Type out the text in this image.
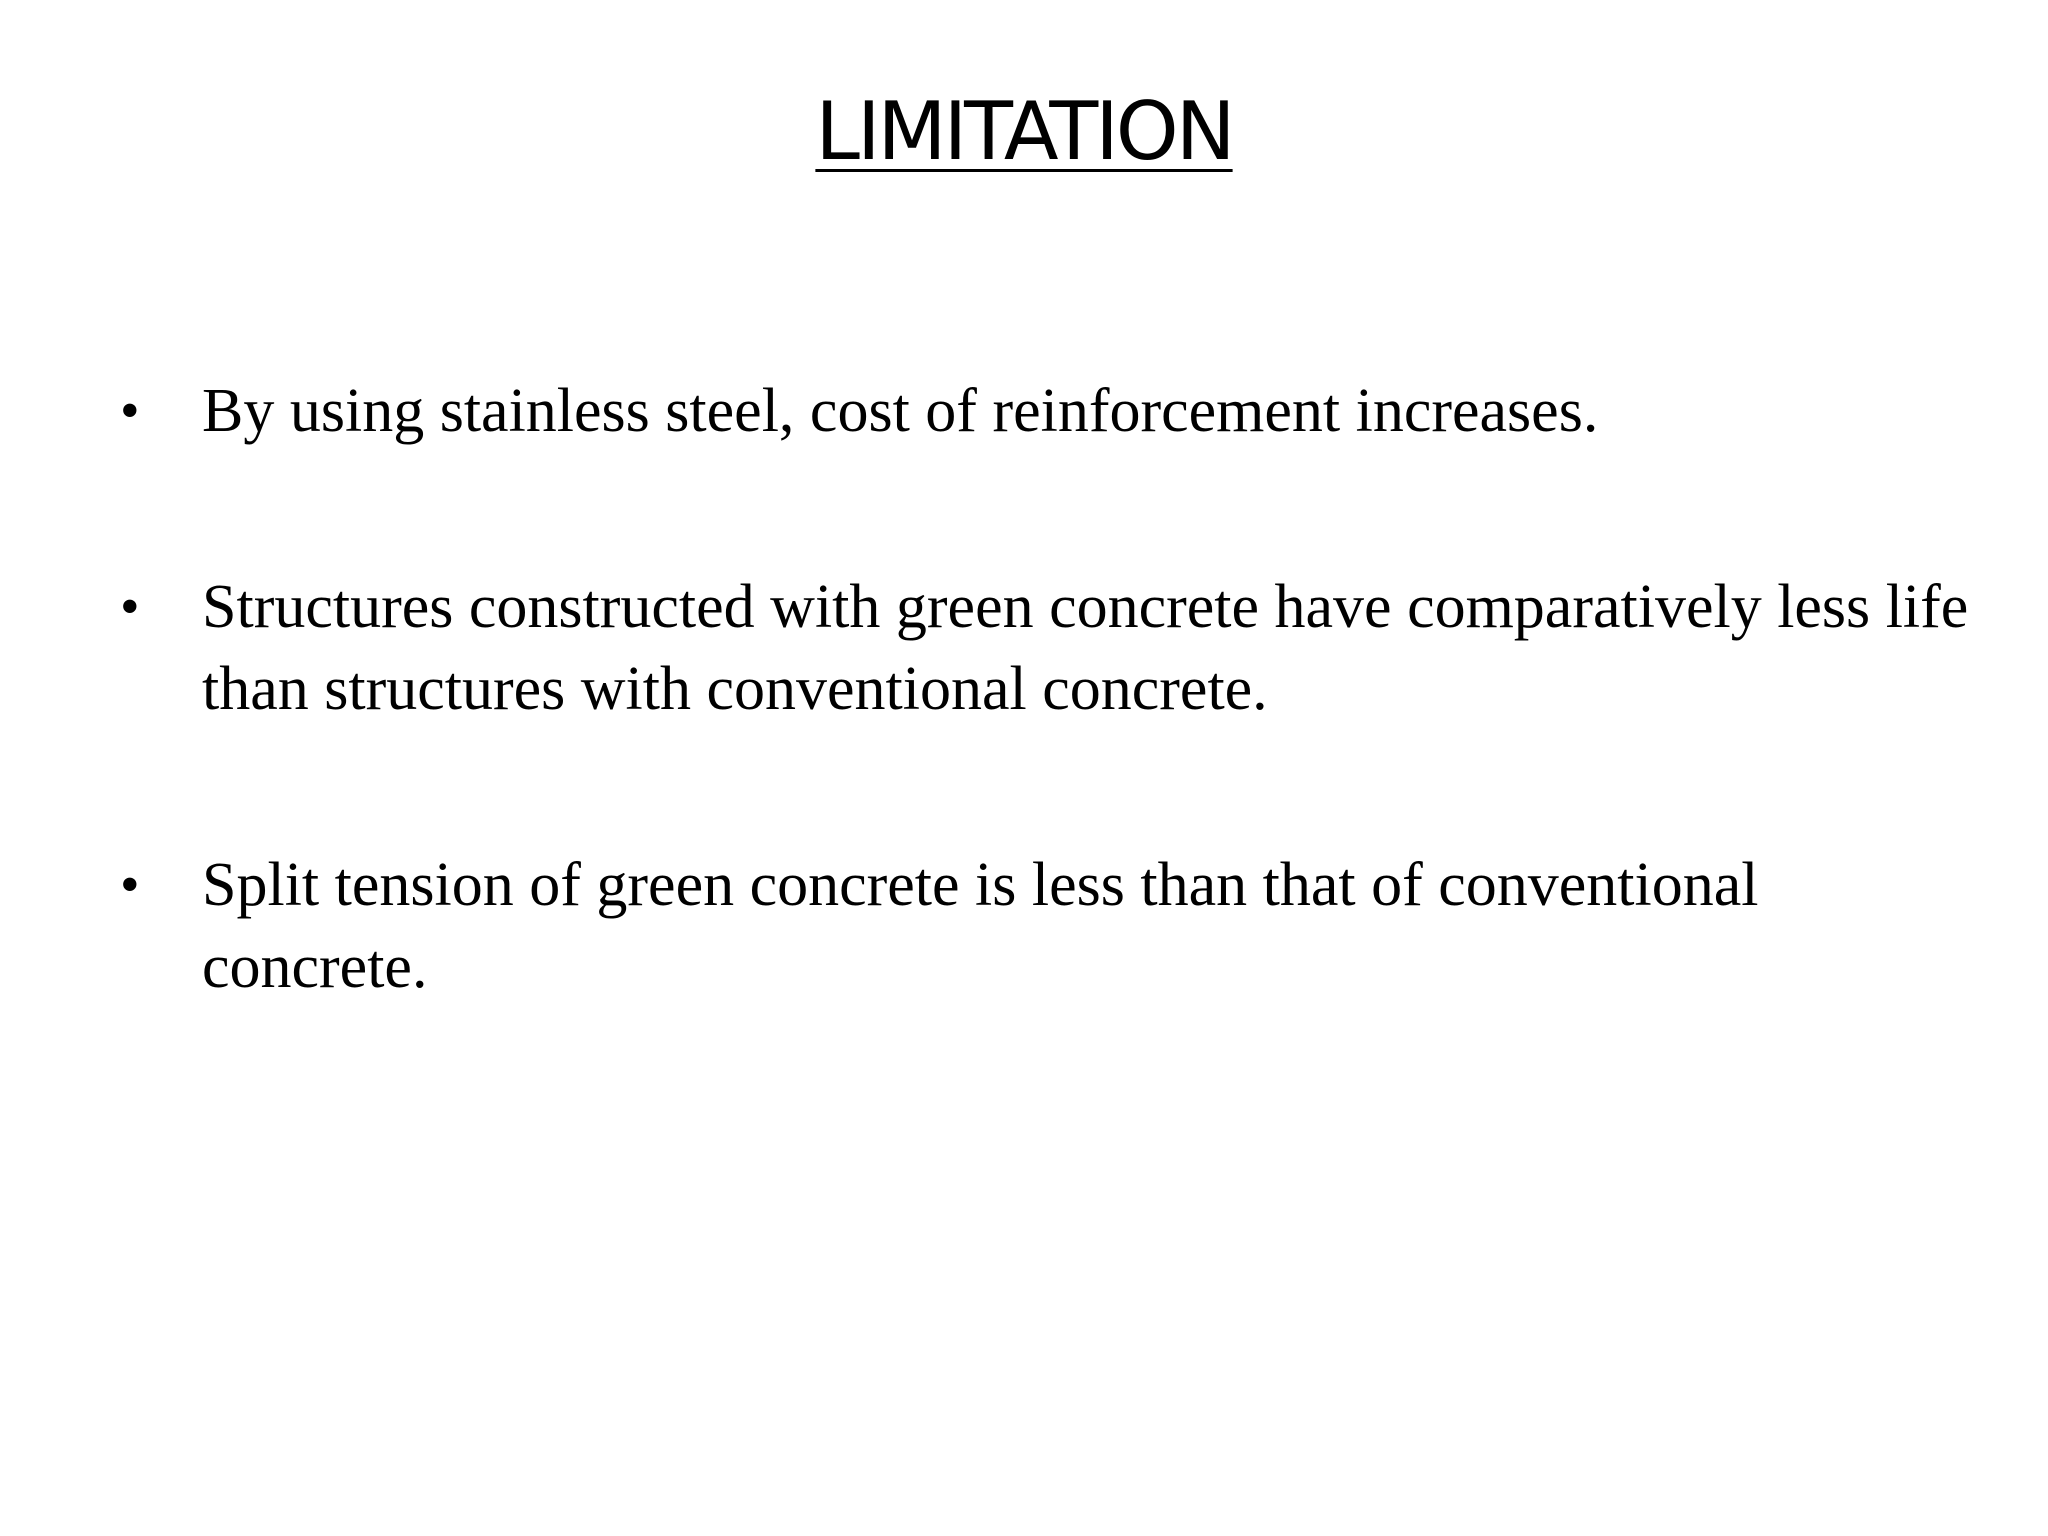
LIMITATION
• By using stainless steel, cost of reinforcement increases.
• Structures constructed with green concrete have comparatively less life than structures with conventional concrete.
• Split tension of green concrete is less than that of conventional concrete.
